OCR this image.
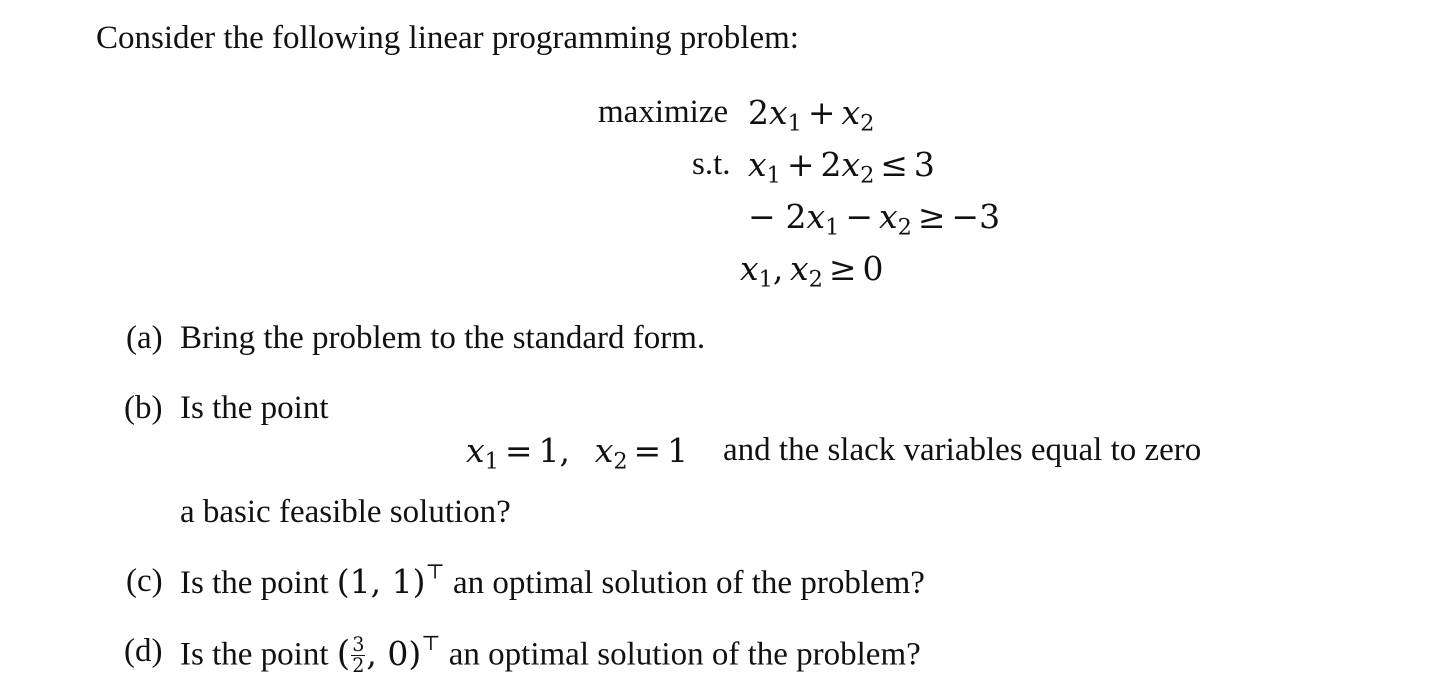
Consider the following linear programming problem:
maximize $2x_1 + x_2$
s.t. $x_1 + 2x_2 \le 3$
− $2x_1 - x_2 \ge -3$
$x_1$, $x_2 \ge 0$
(a) Bring the problem to the standard form.
(b) Is the point
$x_1 = 1$, $x_2 = 1$ and the slack variables equal to zero
a basic feasible solution?
(c) Is the point (1, 1)⊤ an optimal solution of the problem?
(d) Is the point ( $\frac{3}{2}$ , 0)⊤ an optimal solution of the problem?
